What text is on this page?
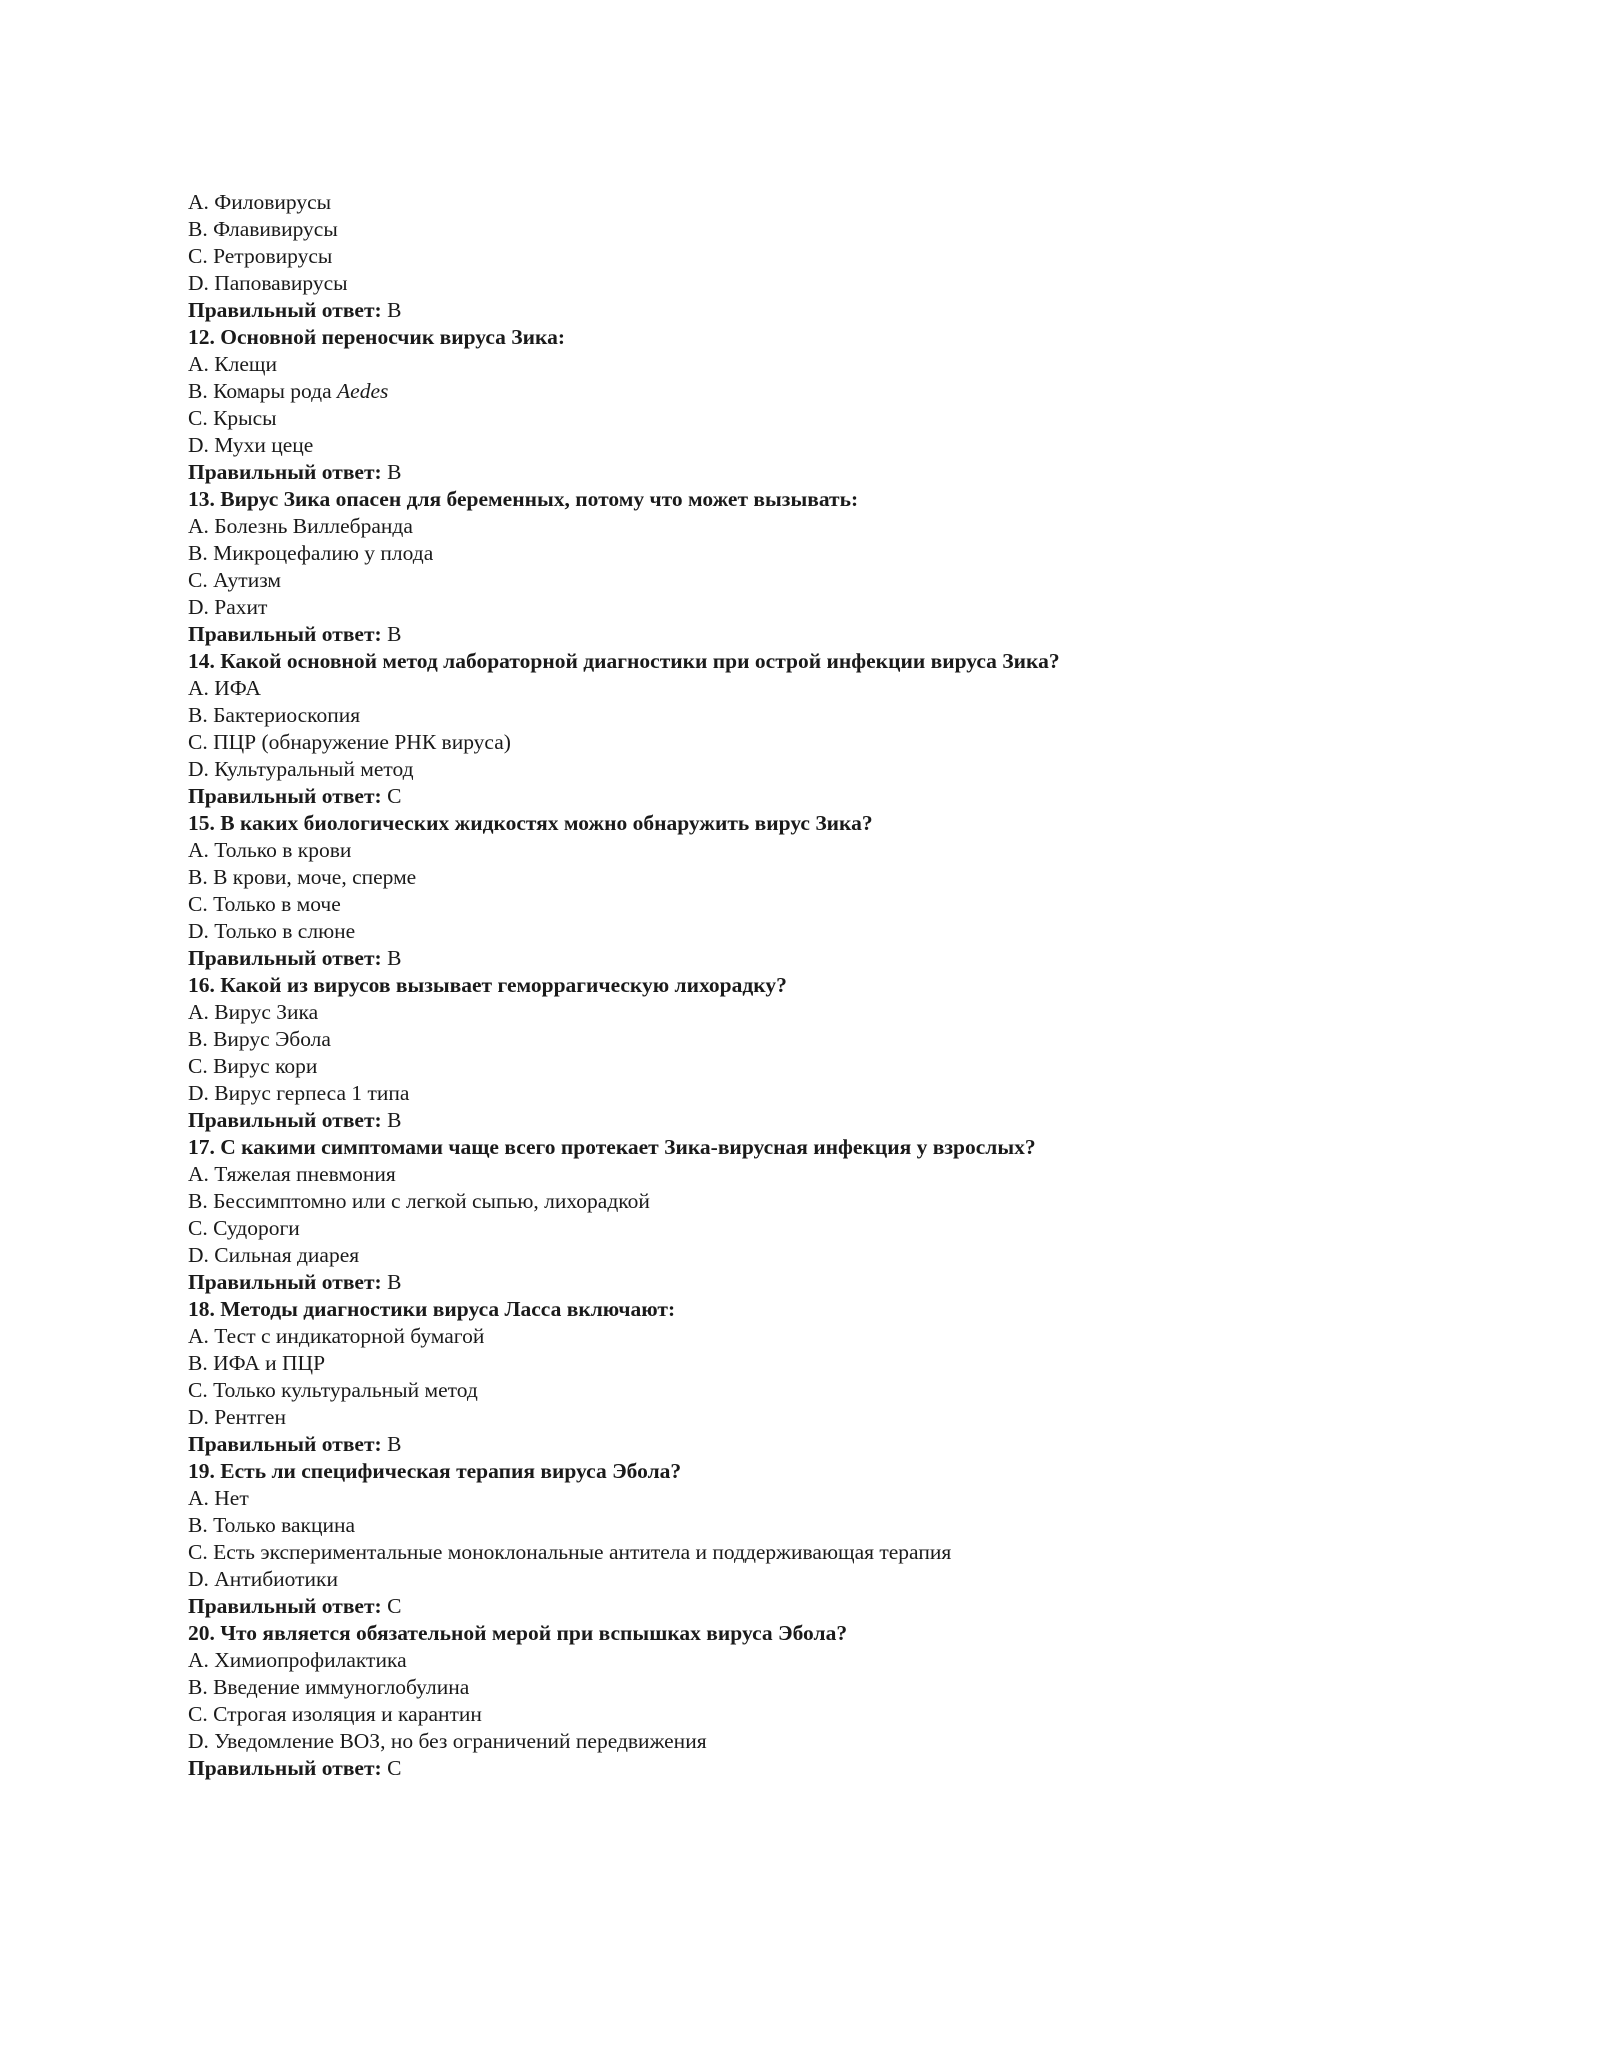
A. Филовирусы
B. Флавивирусы
C. Ретровирусы
D. Паповавирусы
Правильный ответ: B
12. Основной переносчик вируса Зика:
A. Клещи
B. Комары рода Aedes
C. Крысы
D. Мухи цеце
Правильный ответ: B
13. Вирус Зика опасен для беременных, потому что может вызывать:
A. Болезнь Виллебранда
B. Микроцефалию у плода
C. Аутизм
D. Рахит
Правильный ответ: B
14. Какой основной метод лабораторной диагностики при острой инфекции вируса Зика?
A. ИФА
B. Бактериоскопия
C. ПЦР (обнаружение РНК вируса)
D. Культуральный метод
Правильный ответ: C
15. В каких биологических жидкостях можно обнаружить вирус Зика?
A. Только в крови
B. В крови, моче, сперме
C. Только в моче
D. Только в слюне
Правильный ответ: B
16. Какой из вирусов вызывает геморрагическую лихорадку?
A. Вирус Зика
B. Вирус Эбола
C. Вирус кори
D. Вирус герпеса 1 типа
Правильный ответ: B
17. С какими симптомами чаще всего протекает Зика-вирусная инфекция у взрослых?
A. Тяжелая пневмония
B. Бессимптомно или с легкой сыпью, лихорадкой
C. Судороги
D. Сильная диарея
Правильный ответ: B
18. Методы диагностики вируса Ласса включают:
A. Тест с индикаторной бумагой
B. ИФА и ПЦР
C. Только культуральный метод
D. Рентген
Правильный ответ: B
19. Есть ли специфическая терапия вируса Эбола?
A. Нет
B. Только вакцина
C. Есть экспериментальные моноклональные антитела и поддерживающая терапия
D. Антибиотики
Правильный ответ: C
20. Что является обязательной мерой при вспышках вируса Эбола?
A. Химиопрофилактика
B. Введение иммуноглобулина
C. Строгая изоляция и карантин
D. Уведомление ВОЗ, но без ограничений передвижения
Правильный ответ: C
